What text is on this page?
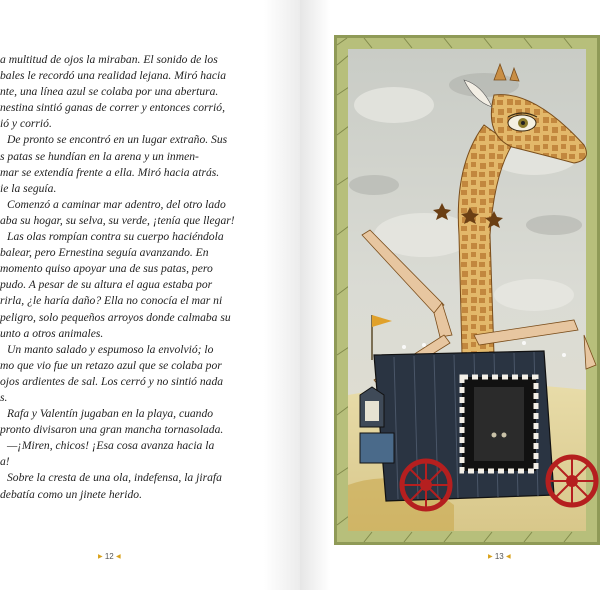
a multitud de ojos la miraban. El sonido de los
bales le recordó una realidad lejana. Miró hacia
nte, una línea azul se colaba por una abertura.
nestina sintió ganas de correr y entonces corrió,
ió y corrió.
De pronto se encontró en un lugar extraño. Sus
s patas se hundían en la arena y un inmen-
mar se extendía frente a ella. Miró hacia atrás.
ie la seguía.
Comenzó a caminar mar adentro, del otro lado
aba su hogar, su selva, su verde, ¡tenía que llegar!
Las olas rompían contra su cuerpo haciéndola
balear, pero Ernestina seguía avanzando. En
momento quiso apoyar una de sus patas, pero
pudo. A pesar de su altura el agua estaba por
rirla, ¿le haría daño? Ella no conocía el mar ni
peligro, solo pequeños arroyos donde calmaba su
unto a otros animales.
Un manto salado y espumoso la envolvió; lo
mo que vio fue un retazo azul que se colaba por
ojos ardientes de sal. Los cerró y no sintió nada
s.
Rafa y Valentín jugaban en la playa, cuando
pronto divisaron una gran mancha tornasolada.
—¡Miren, chicos! ¡Esa cosa avanza hacia la
a!
Sobre la cresta de una ola, indefensa, la jirafa
debatía como un jinete herido.
▶ 12 ◀	▶ 13 ◀
